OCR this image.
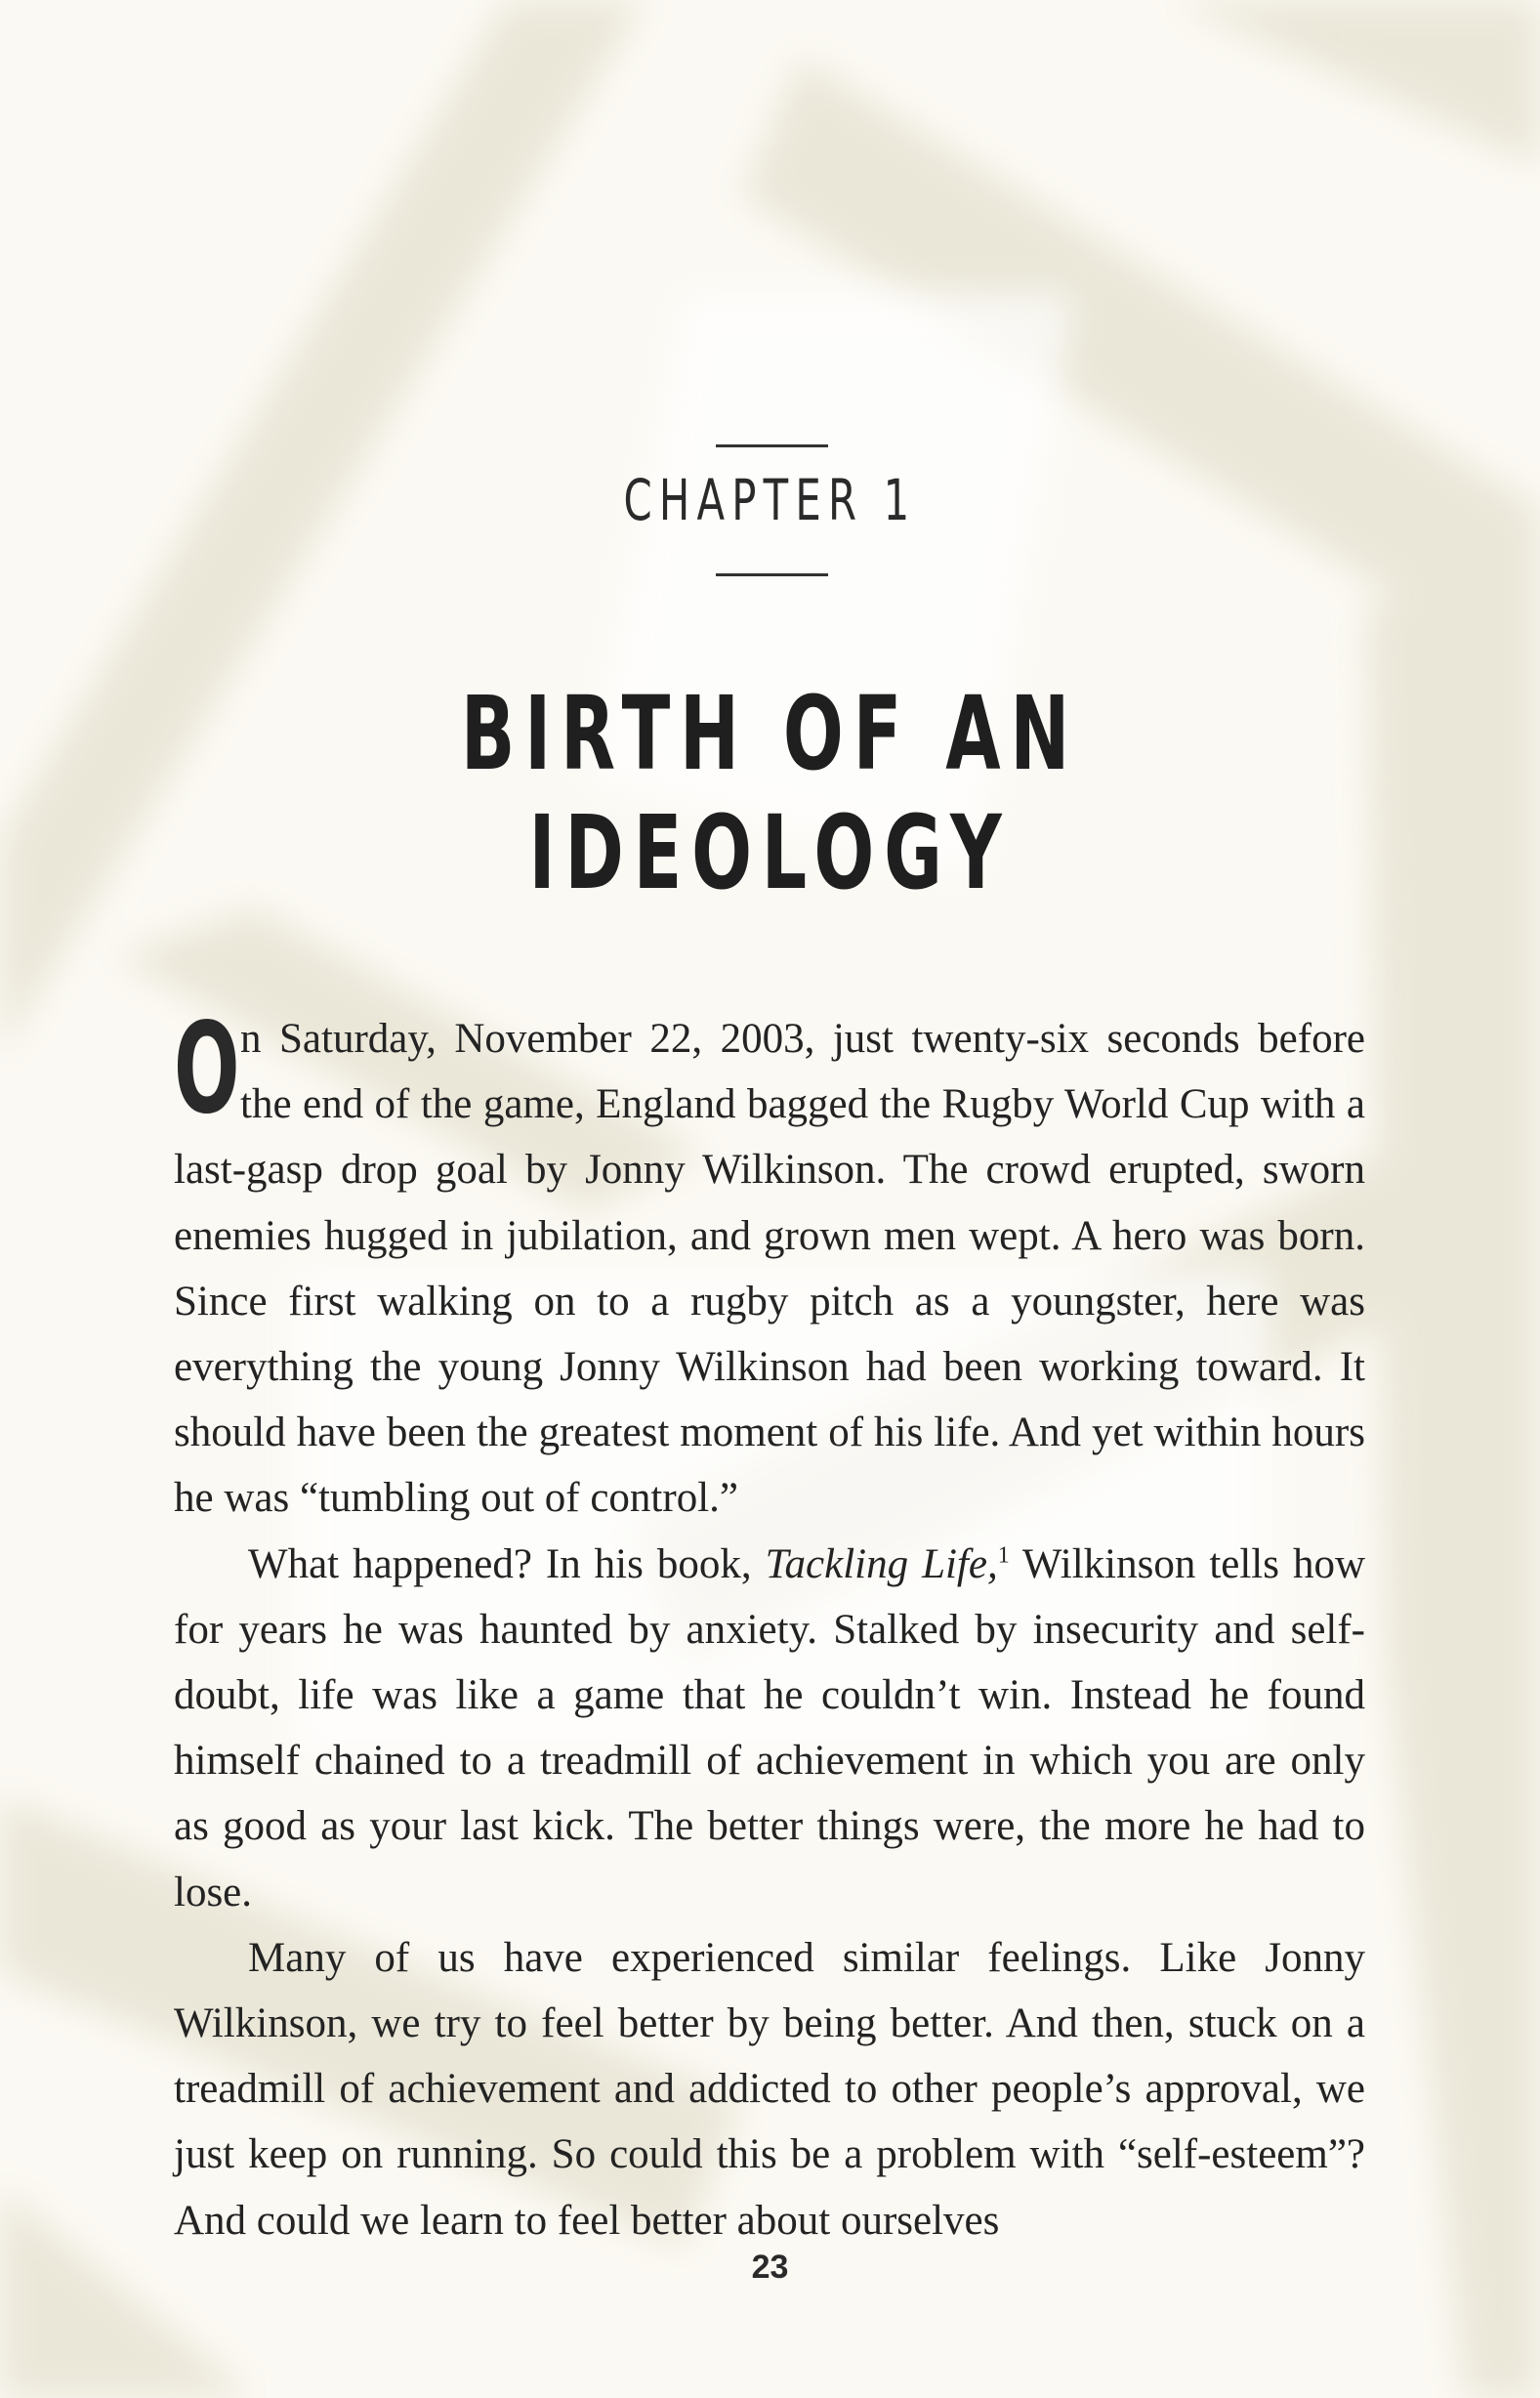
CHAPTER 1
BIRTH OF AN IDEOLOGY

On Saturday, November 22, 2003, just twenty-six seconds before the end of the game, England bagged the Rugby World Cup with a last-gasp drop goal by Jonny Wilkinson. The crowd erupted, sworn enemies hugged in jubilation, and grown men wept. A hero was born. Since first walking on to a rugby pitch as a youngster, here was everything the young Jonny Wilkinson had been working toward. It should have been the greatest moment of his life. And yet within hours he was “tumbling out of control.”

What happened? In his book, Tackling Life,$^1$ Wilkinson tells how for years he was haunted by anxiety. Stalked by insecurity and self-doubt, life was like a game that he couldn’t win. Instead he found himself chained to a treadmill of achievement in which you are only as good as your last kick. The better things were, the more he had to lose.

Many of us have experienced similar feelings. Like Jonny Wilkinson, we try to feel better by being better. And then, stuck on a treadmill of achievement and addicted to other people’s approval, we just keep on running. So could this be a problem with “self-esteem”? And could we learn to feel better about ourselves

23
